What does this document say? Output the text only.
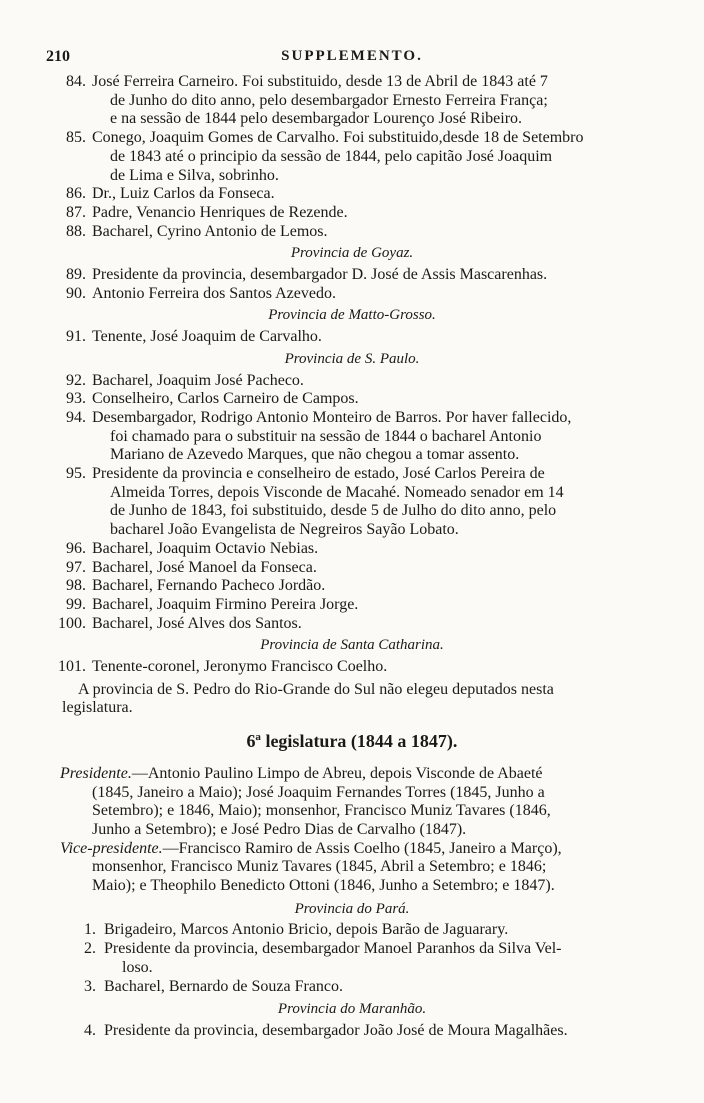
210	SUPPLEMENTO.
84. José Ferreira Carneiro. Foi substituido, desde 13 de Abril de 1843 até 7
de Junho do dito anno, pelo desembargador Ernesto Ferreira França;
e na sessão de 1844 pelo desembargador Lourenço José Ribeiro.
85. Conego, Joaquim Gomes de Carvalho. Foi substituido,desde 18 de Setembro
de 1843 até o principio da sessão de 1844, pelo capitão José Joaquim
de Lima e Silva, sobrinho.
86. Dr., Luiz Carlos da Fonseca.
87. Padre, Venancio Henriques de Rezende.
88. Bacharel, Cyrino Antonio de Lemos.
Provincia de Goyaz.
89. Presidente da provincia, desembargador D. José de Assis Mascarenhas.
90. Antonio Ferreira dos Santos Azevedo.
Provincia de Matto-Grosso.
91. Tenente, José Joaquim de Carvalho.
Provincia de S. Paulo.
92. Bacharel, Joaquim José Pacheco.
93. Conselheiro, Carlos Carneiro de Campos.
94. Desembargador, Rodrigo Antonio Monteiro de Barros. Por haver fallecido,
foi chamado para o substituir na sessão de 1844 o bacharel Antonio
Mariano de Azevedo Marques, que não chegou a tomar assento.
95. Presidente da provincia e conselheiro de estado, José Carlos Pereira de
Almeida Torres, depois Visconde de Macahé. Nomeado senador em 14
de Junho de 1843, foi substituido, desde 5 de Julho do dito anno, pelo
bacharel João Evangelista de Negreiros Sayão Lobato.
96. Bacharel, Joaquim Octavio Nebias.
97. Bacharel, José Manoel da Fonseca.
98. Bacharel, Fernando Pacheco Jordão.
99. Bacharel, Joaquim Firmino Pereira Jorge.
100. Bacharel, José Alves dos Santos.
Provincia de Santa Catharina.
101. Tenente-coronel, Jeronymo Francisco Coelho.
A provincia de S. Pedro do Rio-Grande do Sul não elegeu deputados nesta
legislatura.
6ª legislatura (1844 a 1847).
Presidente.—Antonio Paulino Limpo de Abreu, depois Visconde de Abaeté
(1845, Janeiro a Maio); José Joaquim Fernandes Torres (1845, Junho a
Setembro); e 1846, Maio); monsenhor, Francisco Muniz Tavares (1846,
Junho a Setembro); e José Pedro Dias de Carvalho (1847).
Vice-presidente.—Francisco Ramiro de Assis Coelho (1845, Janeiro a Março),
monsenhor, Francisco Muniz Tavares (1845, Abril a Setembro; e 1846;
Maio); e Theophilo Benedicto Ottoni (1846, Junho a Setembro; e 1847).
Provincia do Pará.
1. Brigadeiro, Marcos Antonio Bricio, depois Barão de Jaguarary.
2. Presidente da provincia, desembargador Manoel Paranhos da Silva Vel-
loso.
3. Bacharel, Bernardo de Souza Franco.
Provincia do Maranhão.
4. Presidente da provincia, desembargador João José de Moura Magalhães.
